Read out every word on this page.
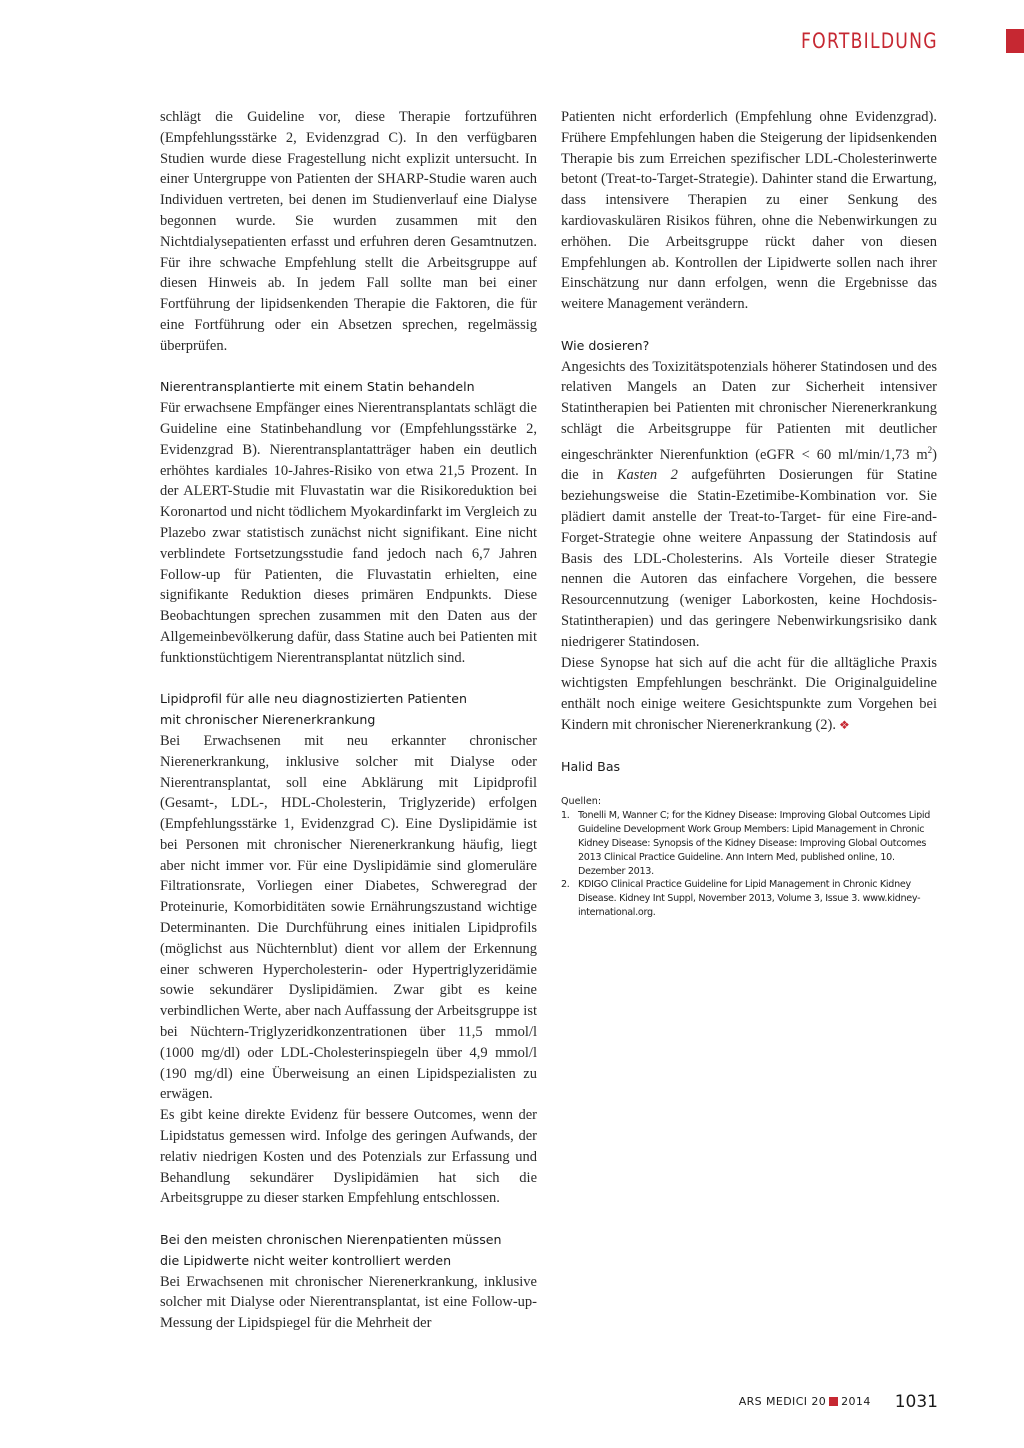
FORTBILDUNG

schlägt die Guideline vor, diese Therapie fortzuführen (Empfehlungsstärke 2, Evidenzgrad C). In den verfügbaren Studien wurde diese Fragestellung nicht explizit untersucht. In einer Untergruppe von Patienten der SHARP-Studie waren auch Individuen vertreten, bei denen im Studienverlauf eine Dialyse begonnen wurde. Sie wurden zusammen mit den Nichtdialysepatienten erfasst und erfuhren deren Gesamtnutzen. Für ihre schwache Empfehlung stellt die Arbeitsgruppe auf diesen Hinweis ab. In jedem Fall sollte man bei einer Fortführung der lipidsenkenden Therapie die Faktoren, die für eine Fortführung oder ein Absetzen sprechen, regelmässig überprüfen.

Nierentransplantierte mit einem Statin behandeln

Für erwachsene Empfänger eines Nierentransplantats schlägt die Guideline eine Statinbehandlung vor (Empfehlungsstärke 2, Evidenzgrad B). Nierentransplantatträger haben ein deutlich erhöhtes kardiales 10-Jahres-Risiko von etwa 21,5 Prozent. In der ALERT-Studie mit Fluvastatin war die Risikoreduktion bei Koronartod und nicht tödlichem Myokardinfarkt im Vergleich zu Plazebo zwar statistisch zunächst nicht signifikant. Eine nicht verblindete Fortsetzungsstudie fand jedoch nach 6,7 Jahren Follow-up für Patienten, die Fluvastatin erhielten, eine signifikante Reduktion dieses primären Endpunkts. Diese Beobachtungen sprechen zusammen mit den Daten aus der Allgemeinbevölkerung dafür, dass Statine auch bei Patienten mit funktionstüchtigem Nierentransplantat nützlich sind.

Lipidprofil für alle neu diagnostizierten Patienten
mit chronischer Nierenerkrankung

Bei Erwachsenen mit neu erkannter chronischer Nierenerkrankung, inklusive solcher mit Dialyse oder Nierentransplantat, soll eine Abklärung mit Lipidprofil (Gesamt-, LDL-, HDL-Cholesterin, Triglyzeride) erfolgen (Empfehlungsstärke 1, Evidenzgrad C). Eine Dyslipidämie ist bei Personen mit chronischer Nierenerkrankung häufig, liegt aber nicht immer vor. Für eine Dyslipidämie sind glomeruläre Filtrationsrate, Vorliegen einer Diabetes, Schweregrad der Proteinurie, Komorbiditäten sowie Ernährungszustand wichtige Determinanten. Die Durchführung eines initialen Lipidprofils (möglichst aus Nüchternblut) dient vor allem der Erkennung einer schweren Hypercholesterin- oder Hypertriglyzeridämie sowie sekundärer Dyslipidämien. Zwar gibt es keine verbindlichen Werte, aber nach Auffassung der Arbeitsgruppe ist bei Nüchtern-Triglyzeridkonzentrationen über 11,5 mmol/l (1000 mg/dl) oder LDL-Cholesterinspiegeln über 4,9 mmol/l (190 mg/dl) eine Überweisung an einen Lipidspezialisten zu erwägen.

Es gibt keine direkte Evidenz für bessere Outcomes, wenn der Lipidstatus gemessen wird. Infolge des geringen Aufwands, der relativ niedrigen Kosten und des Potenzials zur Erfassung und Behandlung sekundärer Dyslipidämien hat sich die Arbeitsgruppe zu dieser starken Empfehlung entschlossen.

Bei den meisten chronischen Nierenpatienten müssen
die Lipidwerte nicht weiter kontrolliert werden

Bei Erwachsenen mit chronischer Nierenerkrankung, inklusive solcher mit Dialyse oder Nierentransplantat, ist eine Follow-up-Messung der Lipidspiegel für die Mehrheit der

Patienten nicht erforderlich (Empfehlung ohne Evidenzgrad). Frühere Empfehlungen haben die Steigerung der lipidsenkenden Therapie bis zum Erreichen spezifischer LDL-Cholesterinwerte betont (Treat-to-Target-Strategie). Dahinter stand die Erwartung, dass intensivere Therapien zu einer Senkung des kardiovaskulären Risikos führen, ohne die Nebenwirkungen zu erhöhen. Die Arbeitsgruppe rückt daher von diesen Empfehlungen ab. Kontrollen der Lipidwerte sollen nach ihrer Einschätzung nur dann erfolgen, wenn die Ergebnisse das weitere Management verändern.

Wie dosieren?

Angesichts des Toxizitätspotenzials höherer Statindosen und des relativen Mangels an Daten zur Sicherheit intensiver Statintherapien bei Patienten mit chronischer Nierenerkrankung schlägt die Arbeitsgruppe für Patienten mit deutlicher eingeschränkter Nierenfunktion (eGFR < 60 ml/min/1,73 $m^2$) die in Kasten 2 aufgeführten Dosierungen für Statine beziehungsweise die Statin-Ezetimibe-Kombination vor. Sie plädiert damit anstelle der Treat-to-Target- für eine Fire-and-Forget-Strategie ohne weitere Anpassung der Statindosis auf Basis des LDL-Cholesterins. Als Vorteile dieser Strategie nennen die Autoren das einfachere Vorgehen, die bessere Resourcennutzung (weniger Laborkosten, keine Hochdosis-Statintherapien) und das geringere Nebenwirkungsrisiko dank niedrigerer Statindosen.

Diese Synopse hat sich auf die acht für die alltägliche Praxis wichtigsten Empfehlungen beschränkt. Die Originalguideline enthält noch einige weitere Gesichtspunkte zum Vorgehen bei Kindern mit chronischer Nierenerkrankung (2). ❖

Halid Bas

Quellen:

1. Tonelli M, Wanner C; for the Kidney Disease: Improving Global Outcomes Lipid Guideline Development Work Group Members: Lipid Management in Chronic Kidney Disease: Synopsis of the Kidney Disease: Improving Global Outcomes 2013 Clinical Practice Guideline. Ann Intern Med, published online, 10. Dezember 2013.
2. KDIGO Clinical Practice Guideline for Lipid Management in Chronic Kidney Disease. Kidney Int Suppl, November 2013, Volume 3, Issue 3. www.kidney-international.org.
ARS MEDICI 20 2014 1031
